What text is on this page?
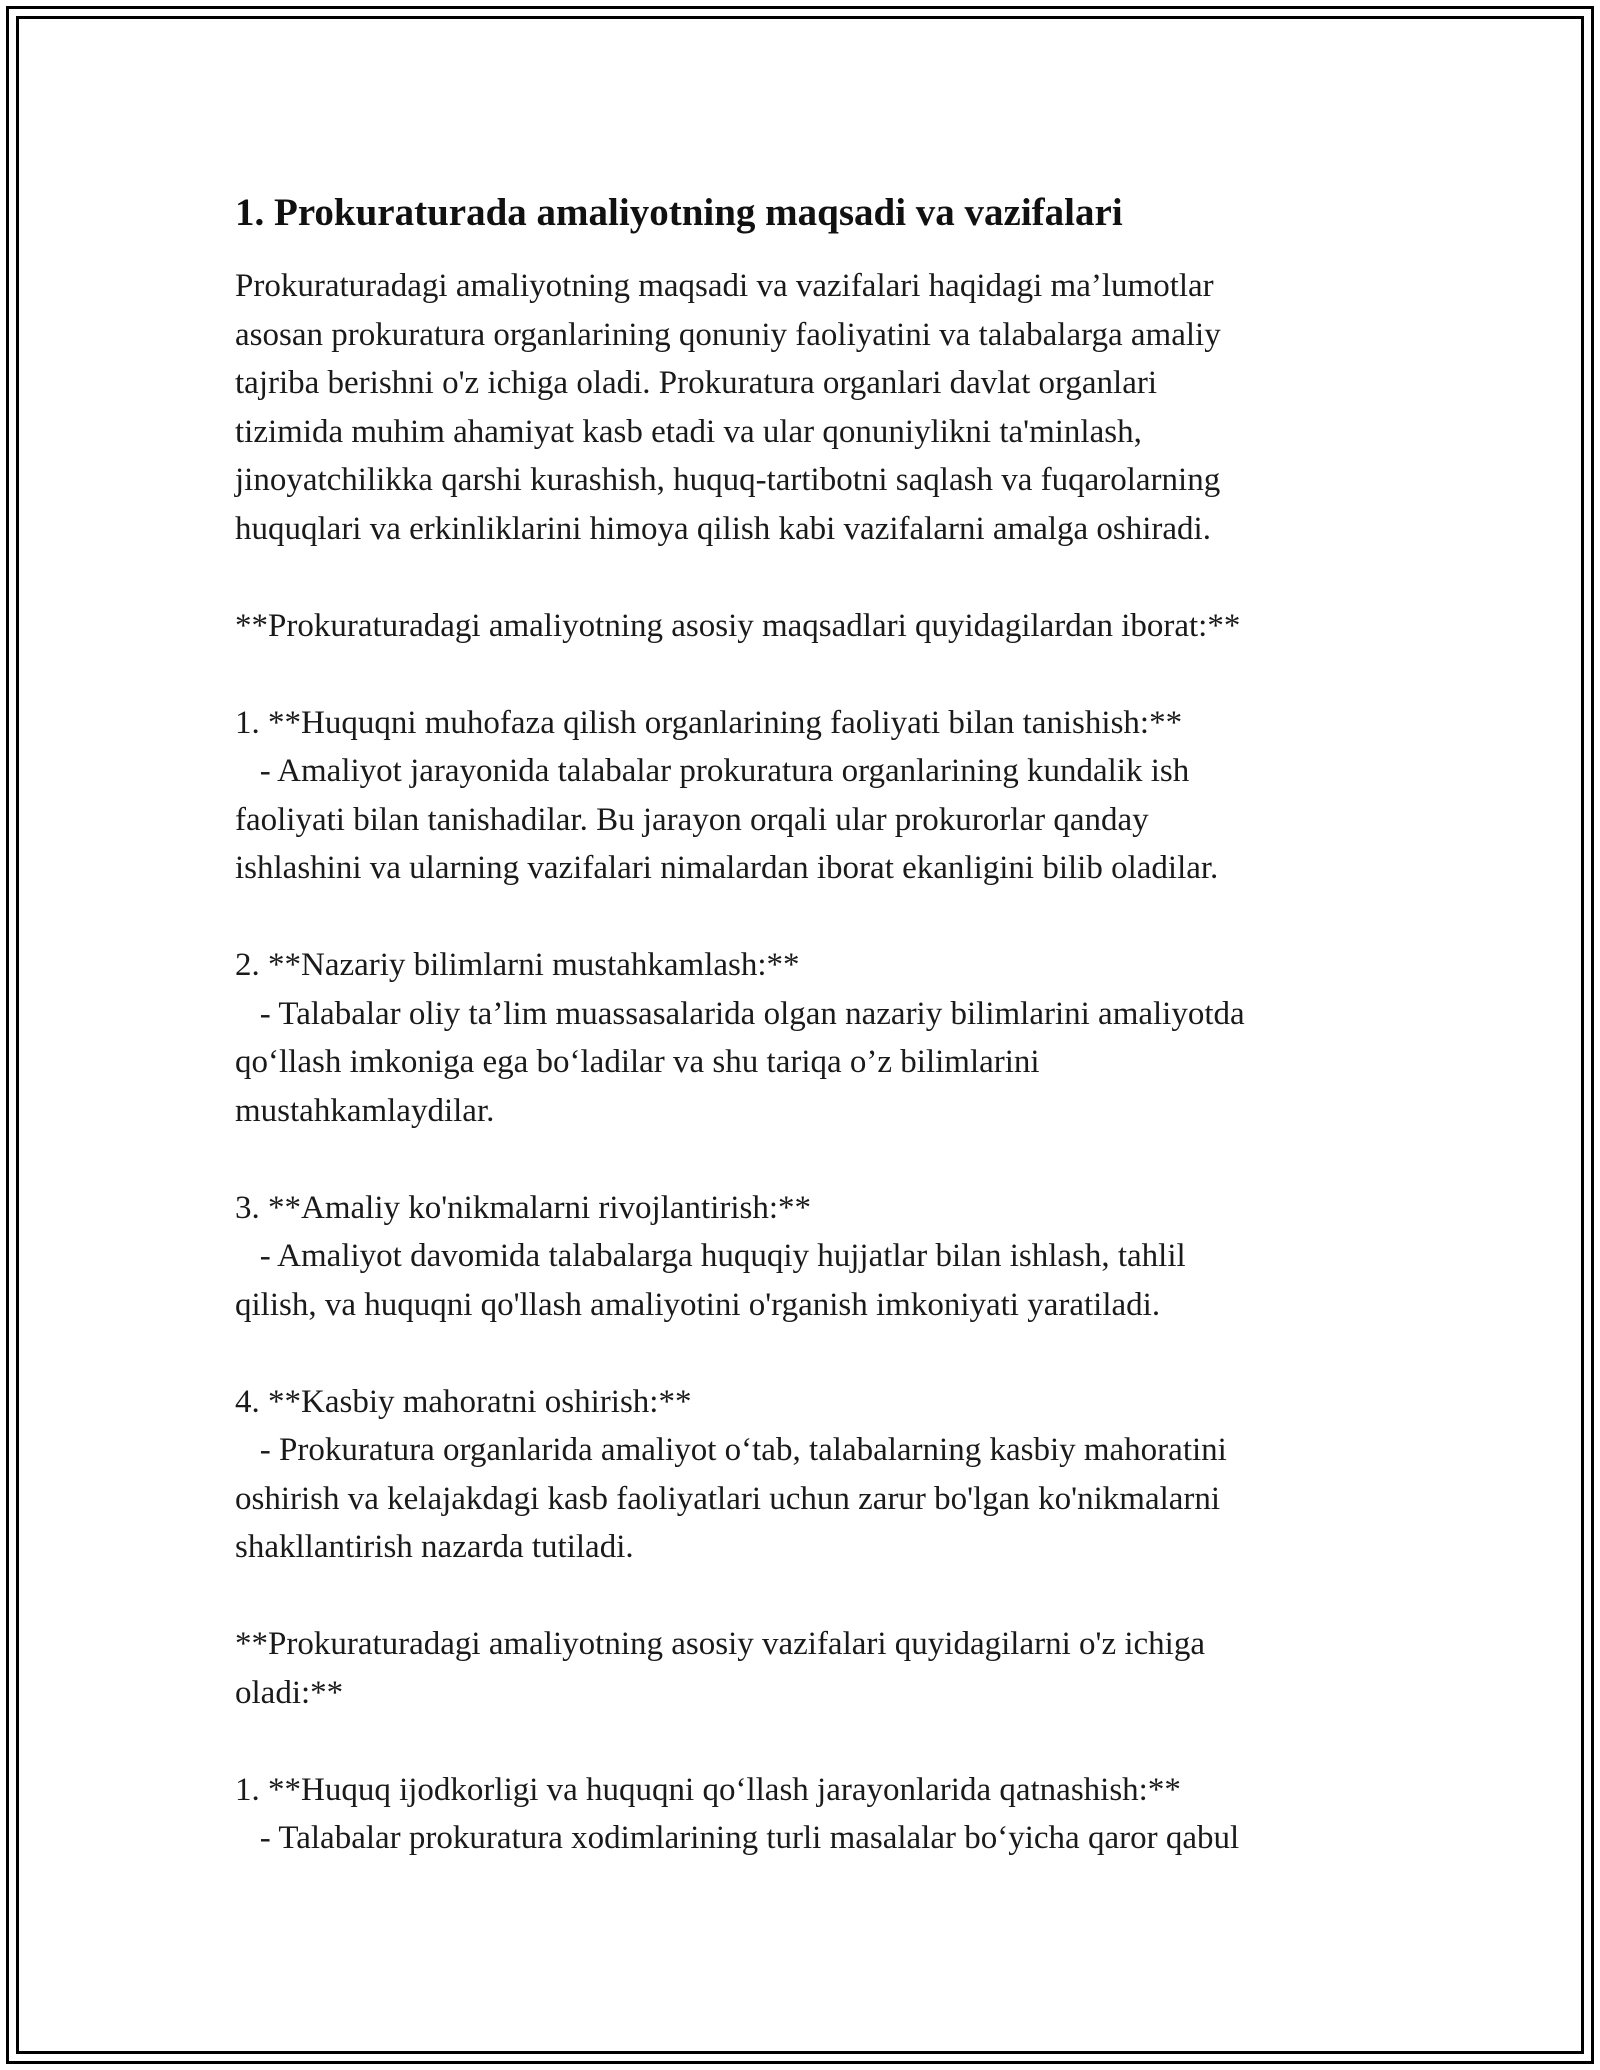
1. Prokuraturada amaliyotning maqsadi va vazifalari

Prokuraturadagi amaliyotning maqsadi va vazifalari haqidagi ma’lumotlar
asosan prokuratura organlarining qonuniy faoliyatini va talabalarga amaliy
tajriba berishni o'z ichiga oladi. Prokuratura organlari davlat organlari
tizimida muhim ahamiyat kasb etadi va ular qonuniylikni ta'minlash,
jinoyatchilikka qarshi kurashish, huquq-tartibotni saqlash va fuqarolarning
huquqlari va erkinliklarini himoya qilish kabi vazifalarni amalga oshiradi.

**Prokuraturadagi amaliyotning asosiy maqsadlari quyidagilardan iborat:**

1. **Huquqni muhofaza qilish organlarining faoliyati bilan tanishish:**

- Amaliyot jarayonida talabalar prokuratura organlarining kundalik ish
faoliyati bilan tanishadilar. Bu jarayon orqali ular prokurorlar qanday
ishlashini va ularning vazifalari nimalardan iborat ekanligini bilib oladilar.

2. **Nazariy bilimlarni mustahkamlash:**

- Talabalar oliy ta’lim muassasalarida olgan nazariy bilimlarini amaliyotda
qo‘llash imkoniga ega bo‘ladilar va shu tariqa o’z bilimlarini
mustahkamlaydilar.

3. **Amaliy ko'nikmalarni rivojlantirish:**

- Amaliyot davomida talabalarga huquqiy hujjatlar bilan ishlash, tahlil
qilish, va huquqni qo'llash amaliyotini o'rganish imkoniyati yaratiladi.

4. **Kasbiy mahoratni oshirish:**

- Prokuratura organlarida amaliyot o‘tab, talabalarning kasbiy mahoratini
oshirish va kelajakdagi kasb faoliyatlari uchun zarur bo'lgan ko'nikmalarni
shakllantirish nazarda tutiladi.

**Prokuraturadagi amaliyotning asosiy vazifalari quyidagilarni o'z ichiga
oladi:**

1. **Huquq ijodkorligi va huquqni qo‘llash jarayonlarida qatnashish:**

- Talabalar prokuratura xodimlarining turli masalalar bo‘yicha qaror qabul
